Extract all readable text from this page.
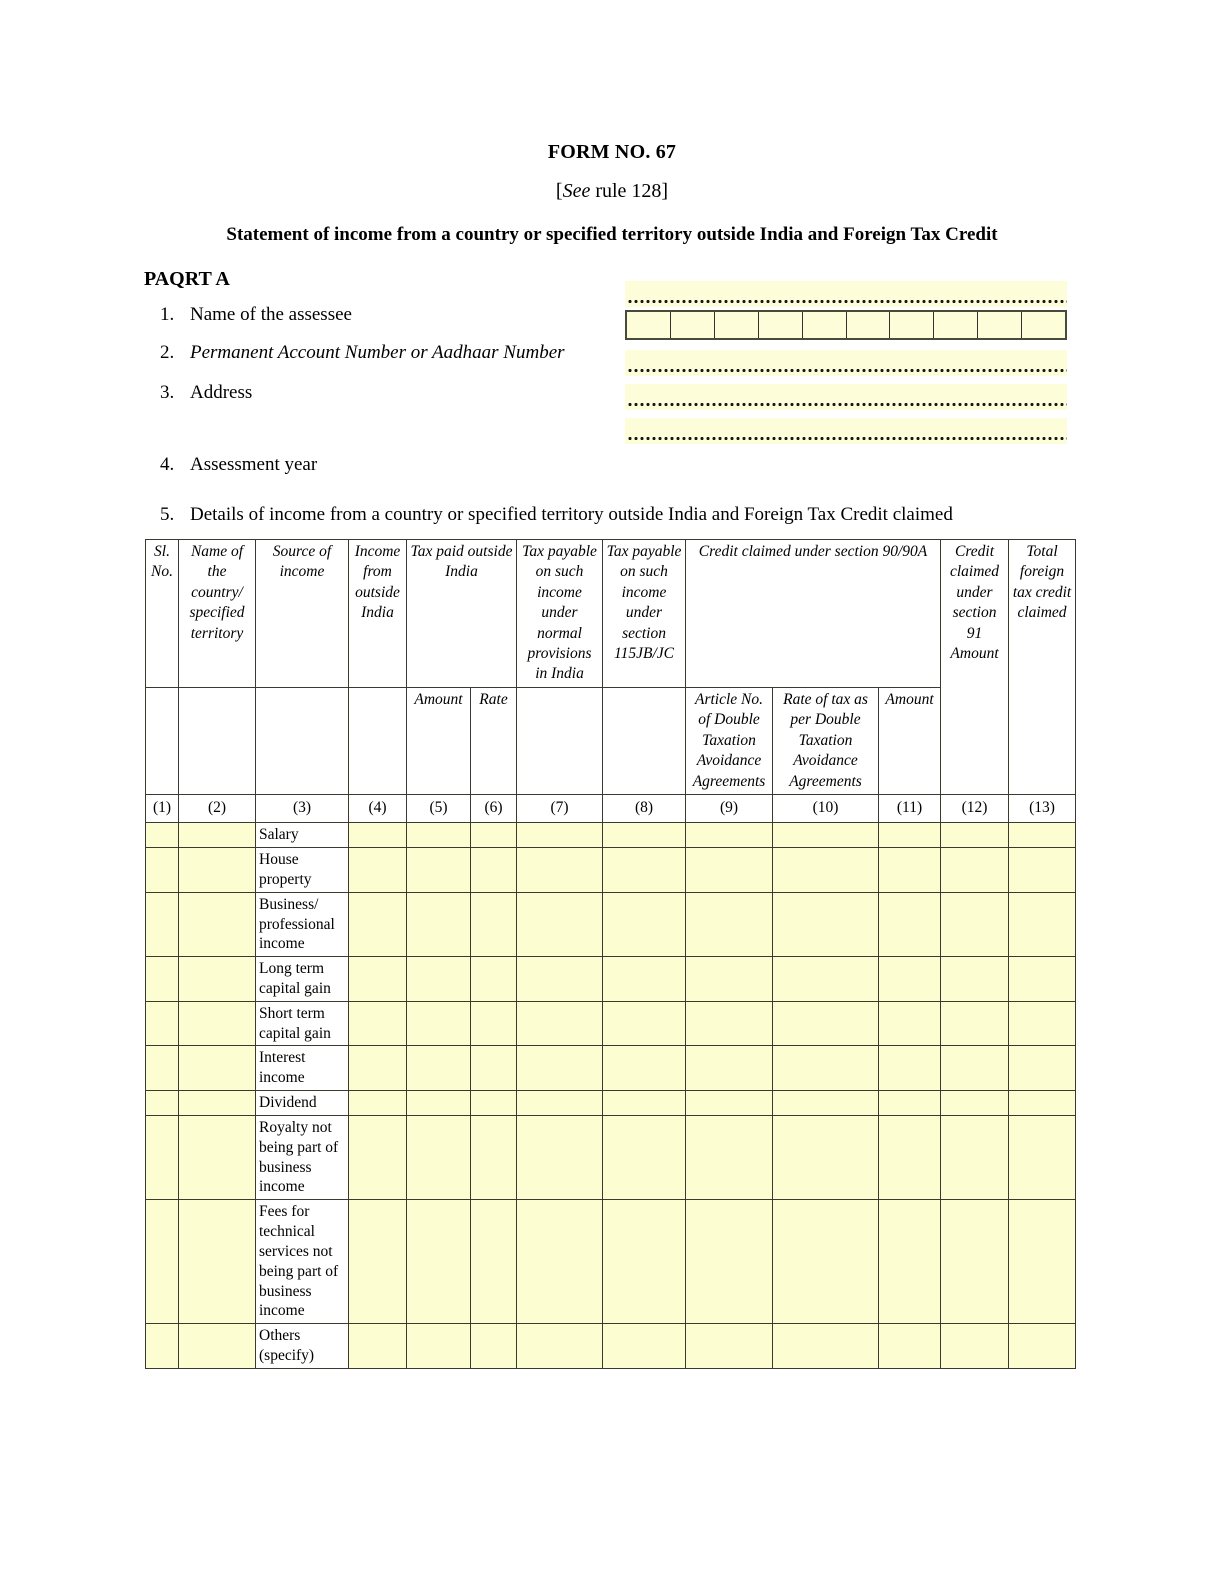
FORM NO. 67
[See rule 128]
Statement of income from a country or specified territory outside India and Foreign Tax Credit
PAQRT A
1. Name of the assessee
2. Permanent Account Number or Aadhaar Number
3. Address
4. Assessment year
5. Details of income from a country or specified territory outside India and Foreign Tax Credit claimed
Sl. No.	Name of the country/ specified territory	Source of income	Income from outside India	Tax paid outside India		Tax payable on such income under normal provisions in India	Tax payable on such income under section 115JB/JC	Credit claimed under section 90/90A			Credit claimed under section 91 Amount	Total foreign tax credit claimed
				Amount	Rate			Article No. of Double Taxation Avoidance Agreements	Rate of tax as per Double Taxation Avoidance Agreements	Amount		
(1)	(2)	(3)	(4)	(5)	(6)	(7)	(8)	(9)	(10)	(11)	(12)	(13)
		Salary										
		House property										
		Business/ professional income										
		Long term capital gain										
		Short term capital gain										
		Interest income										
		Dividend										
		Royalty not being part of business income										
		Fees for technical services not being part of business income										
		Others (specify)										
